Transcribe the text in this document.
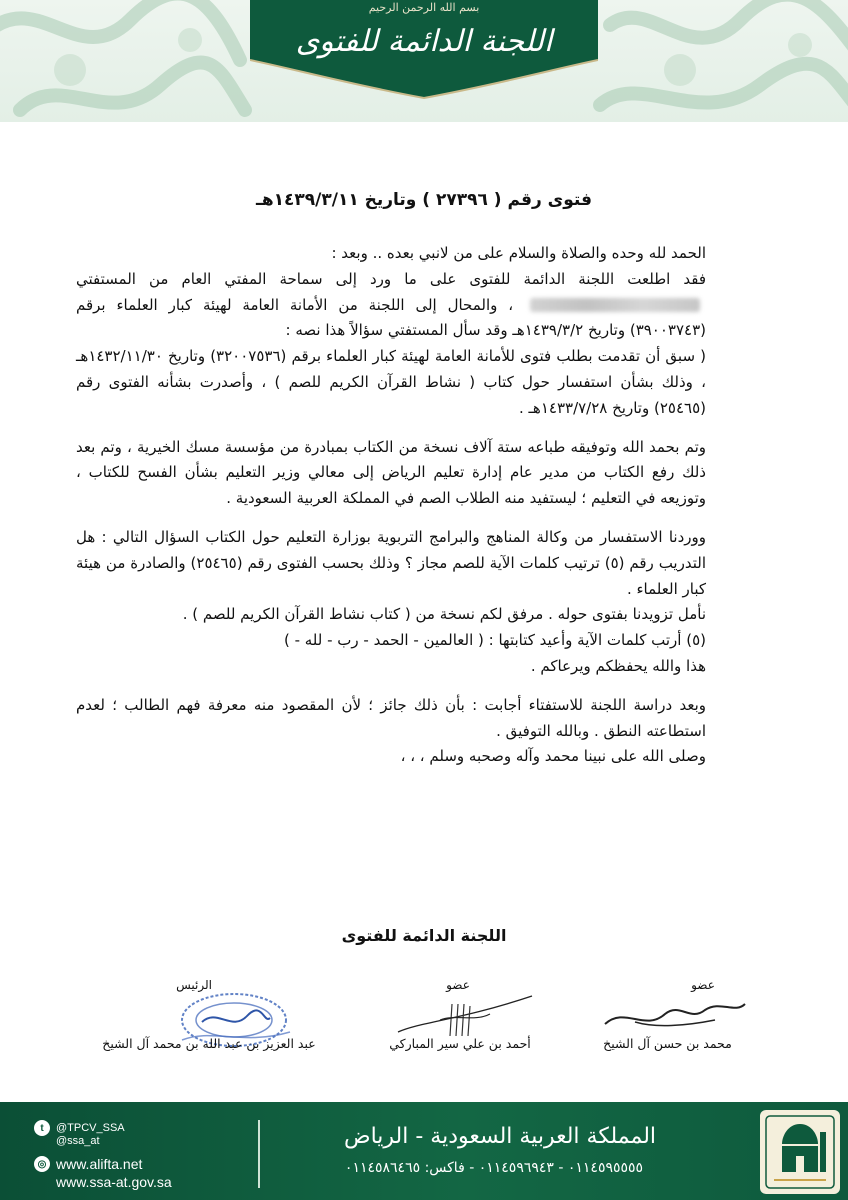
بسم الله الرحمن الرحيم
اللجنة الدائمة للفتوى
فتوى رقم ( ٢٧٣٩٦ ) وتاريخ ١٤٣٩/٣/١١هـ

الحمد لله وحده والصلاة والسلام على من لانبي بعده .. وبعد :

فقد اطلعت اللجنة الدائمة للفتوى على ما ورد إلى سماحة المفتي العام من المستفتي  ، والمحال إلى اللجنة من الأمانة العامة لهيئة كبار العلماء برقم (٣٩٠٠٣٧٤٣) وتاريخ ١٤٣٩/٣/٢هـ وقد سأل المستفتي سؤالاً هذا نصه :

( سبق أن تقدمت بطلب فتوى للأمانة العامة لهيئة كبار العلماء برقم (٣٢٠٠٧٥٣٦) وتاريخ ١٤٣٢/١١/٣٠هـ ، وذلك بشأن استفسار حول كتاب ( نشاط القرآن الكريم للصم ) ، وأصدرت بشأنه الفتوى رقم (٢٥٤٦٥) وتاريخ ١٤٣٣/٧/٢٨هـ .

وتم بحمد الله وتوفيقه طباعه ستة آلاف نسخة من الكتاب بمبادرة من مؤسسة مسك الخيرية ، وتم بعد ذلك رفع الكتاب من مدير عام إدارة تعليم الرياض إلى معالي وزير التعليم بشأن الفسح للكتاب ، وتوزيعه في التعليم ؛ ليستفيد منه الطلاب الصم في المملكة العربية السعودية .

ووردنا الاستفسار من وكالة المناهج والبرامج التربوية بوزارة التعليم حول الكتاب السؤال التالي : هل التدريب رقم (٥) ترتيب كلمات الآية للصم مجاز ؟ وذلك بحسب الفتوى رقم (٢٥٤٦٥) والصادرة من هيئة كبار العلماء .

نأمل تزويدنا بفتوى حوله . مرفق لكم نسخة من ( كتاب نشاط القرآن الكريم للصم ) .

(٥) أرتب كلمات الآية وأعيد كتابتها : ( العالمين - الحمد - رب - لله - )

هذا والله يحفظكم ويرعاكم .

وبعد دراسة اللجنة للاستفتاء أجابت : بأن ذلك جائز ؛ لأن المقصود منه معرفة فهم الطالب ؛ لعدم استطاعته النطق . وبالله التوفيق .

وصلى الله على نبينا محمد وآله وصحبه وسلم ، ، ،

اللجنة الدائمة للفتوى
الرئيس
عبد العزيز بن عبد الله بن محمد آل الشيخ
عضو
أحمد بن علي سير المباركي
عضو
محمد بن حسن آل الشيخ
t	@TPCV_SSA
@ssa_at
◎ www.alifta.net
www.ssa-at.gov.sa
المملكة العربية السعودية - الرياض
٠١١٤٥٩٥٥٥٥ - ٠١١٤٥٩٦٩٤٣ - فاكس: ٠١١٤٥٨٦٤٦٥
